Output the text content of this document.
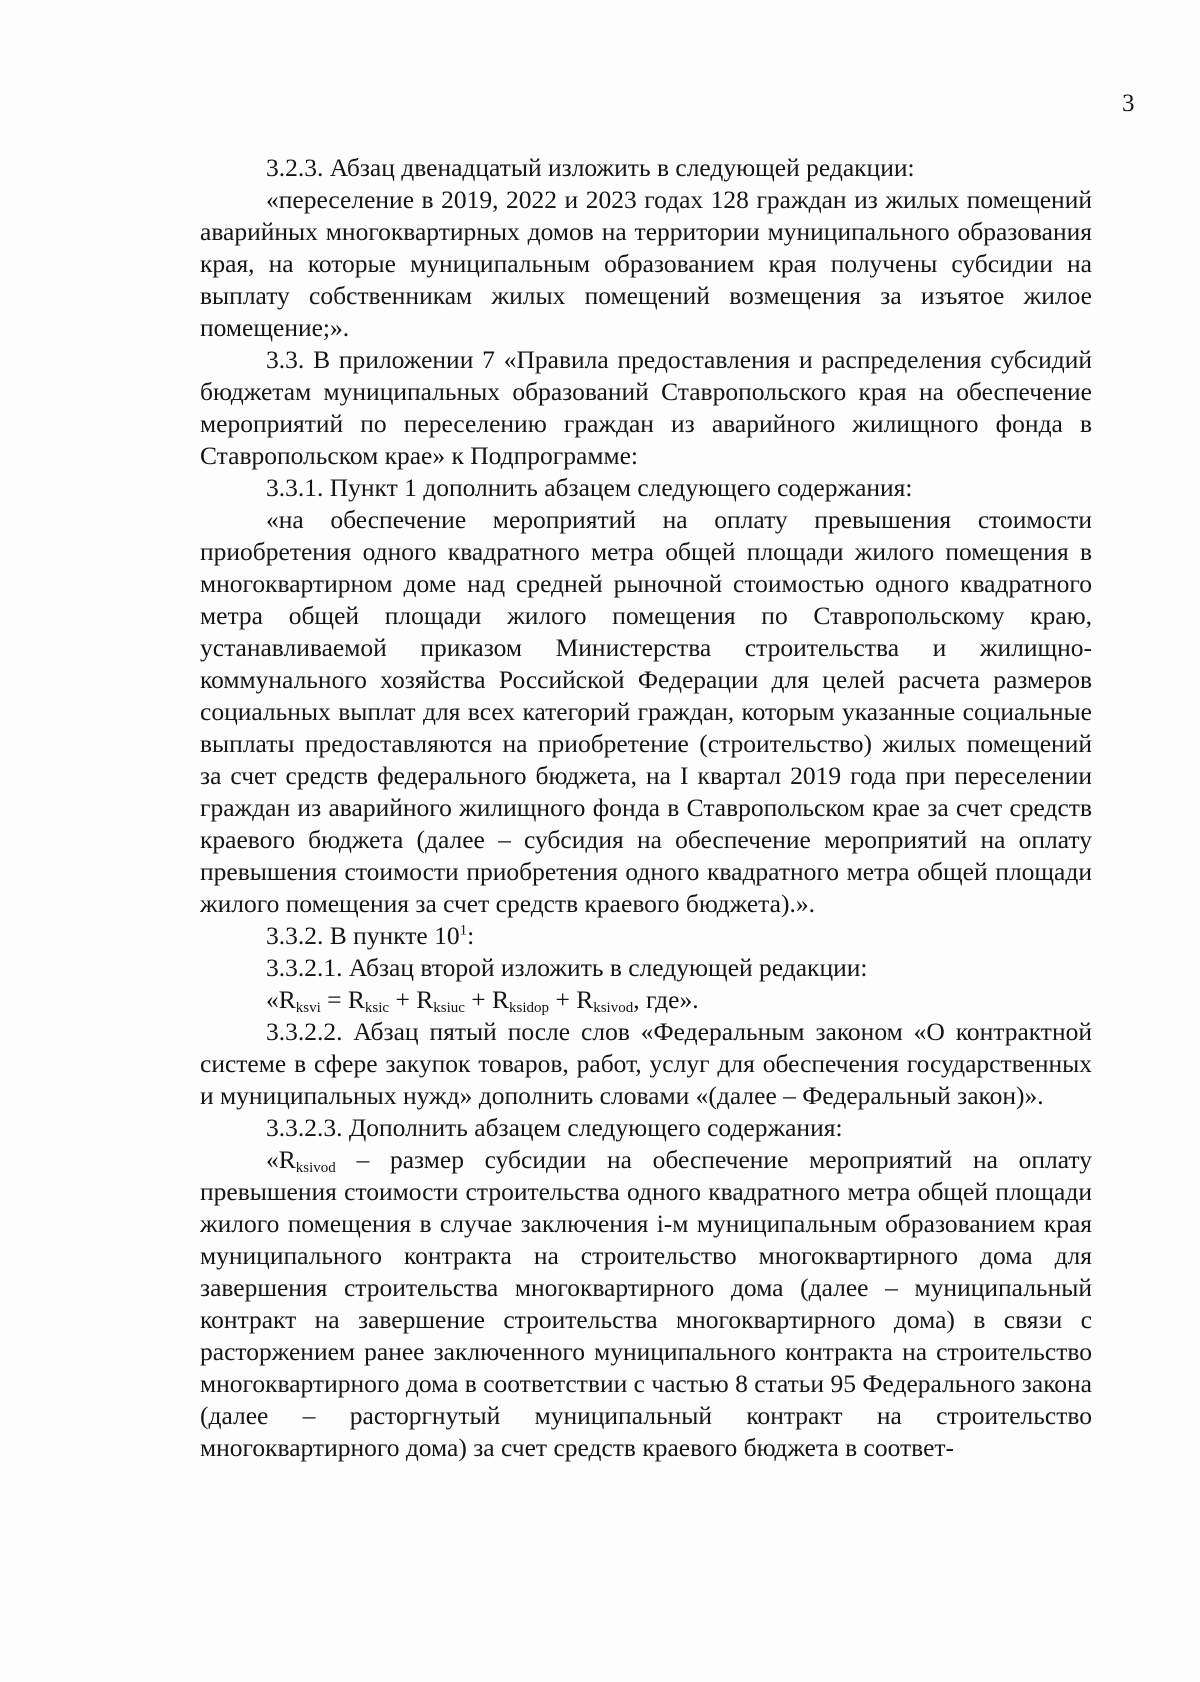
3

3.2.3. Абзац двенадцатый изложить в следующей редакции:

«переселение в 2019, 2022 и 2023 годах 128 граждан из жилых помещений аварийных многоквартирных домов на территории муниципального образования края, на которые муниципальным образованием края получены субсидии на выплату собственникам жилых помещений возмещения за изъятое жилое помещение;».

3.3. В приложении 7 «Правила предоставления и распределения субсидий бюджетам муниципальных образований Ставропольского края на обеспечение мероприятий по переселению граждан из аварийного жилищного фонда в Ставропольском крае» к Подпрограмме:

3.3.1. Пункт 1 дополнить абзацем следующего содержания:

«на обеспечение мероприятий на оплату превышения стоимости приобретения одного квадратного метра общей площади жилого помещения в многоквартирном доме над средней рыночной стоимостью одного квадратного метра общей площади жилого помещения по Ставропольскому краю, устанавливаемой приказом Министерства строительства и жилищно-коммунального хозяйства Российской Федерации для целей расчета размеров социальных выплат для всех категорий граждан, которым указанные социальные выплаты предоставляются на приобретение (строительство) жилых помещений за счет средств федерального бюджета, на I квартал 2019 года при переселении граждан из аварийного жилищного фонда в Ставропольском крае за счет средств краевого бюджета (далее – субсидия на обеспечение мероприятий на оплату превышения стоимости приобретения одного квадратного метра общей площади жилого помещения за счет средств краевого бюджета).».

3.3.2. В пункте $10^1$:

3.3.2.1. Абзац второй изложить в следующей редакции:

«$R_{ksvi} = R_{ksic} + R_{ksiuc} + R_{ksidop} + R_{ksivod}$, где».

3.3.2.2. Абзац пятый после слов «Федеральным законом «О контрактной системе в сфере закупок товаров, работ, услуг для обеспечения государственных и муниципальных нужд» дополнить словами «(далее – Федеральный закон)».

3.3.2.3. Дополнить абзацем следующего содержания:

«$R_{ksivod}$ – размер субсидии на обеспечение мероприятий на оплату превышения стоимости строительства одного квадратного метра общей площади жилого помещения в случае заключения i-м муниципальным образованием края муниципального контракта на строительство многоквартирного дома для завершения строительства многоквартирного дома (далее – муниципальный контракт на завершение строительства многоквартирного дома) в связи с расторжением ранее заключенного муниципального контракта на строительство многоквартирного дома в соответствии с частью 8 статьи 95 Федерального закона (далее – расторгнутый муниципальный контракт на строительство многоквартирного дома) за счет средств краевого бюджета в соответ-
